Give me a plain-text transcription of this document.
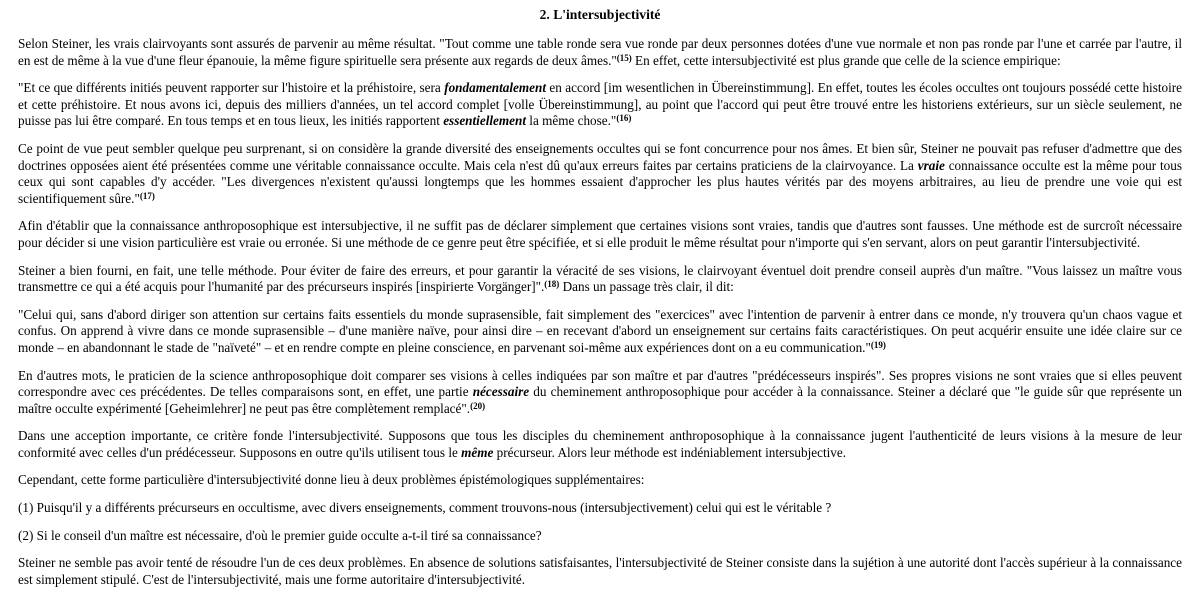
2. L'intersubjectivité

Selon Steiner, les vrais clairvoyants sont assurés de parvenir au même résultat. "Tout comme une table ronde sera vue ronde par deux personnes dotées d'une vue normale et non pas ronde par l'une et carrée par l'autre, il en est de même à la vue d'une fleur épanouie, la même figure spirituelle sera présente aux regards de deux âmes."$^{(15)}$ En effet, cette intersubjectivité est plus grande que celle de la science empirique:

"Et ce que différents initiés peuvent rapporter sur l'histoire et la préhistoire, sera fondamentalement en accord [im wesentlichen in Übereinstimmung]. En effet, toutes les écoles occultes ont toujours possédé cette histoire et cette préhistoire. Et nous avons ici, depuis des milliers d'années, un tel accord complet [volle Übereinstimmung], au point que l'accord qui peut être trouvé entre les historiens extérieurs, sur un siècle seulement, ne puisse pas lui être comparé. En tous temps et en tous lieux, les initiés rapportent essentiellement la même chose."$^{(16)}$

Ce point de vue peut sembler quelque peu surprenant, si on considère la grande diversité des enseignements occultes qui se font concurrence pour nos âmes. Et bien sûr, Steiner ne pouvait pas refuser d'admettre que des doctrines opposées aient été présentées comme une véritable connaissance occulte. Mais cela n'est dû qu'aux erreurs faites par certains praticiens de la clairvoyance. La vraie connaissance occulte est la même pour tous ceux qui sont capables d'y accéder. "Les divergences n'existent qu'aussi longtemps que les hommes essaient d'approcher les plus hautes vérités par des moyens arbitraires, au lieu de prendre une voie qui est scientifiquement sûre."$^{(17)}$

Afin d'établir que la connaissance anthroposophique est intersubjective, il ne suffit pas de déclarer simplement que certaines visions sont vraies, tandis que d'autres sont fausses. Une méthode est de surcroît nécessaire pour décider si une vision particulière est vraie ou erronée. Si une méthode de ce genre peut être spécifiée, et si elle produit le même résultat pour n'importe qui s'en servant, alors on peut garantir l'intersubjectivité.

Steiner a bien fourni, en fait, une telle méthode. Pour éviter de faire des erreurs, et pour garantir la véracité de ses visions, le clairvoyant éventuel doit prendre conseil auprès d'un maître. "Vous laissez un maître vous transmettre ce qui a été acquis pour l'humanité par des précurseurs inspirés [inspirierte Vorgänger]".$^{(18)}$ Dans un passage très clair, il dit:

"Celui qui, sans d'abord diriger son attention sur certains faits essentiels du monde suprasensible, fait simplement des "exercices" avec l'intention de parvenir à entrer dans ce monde, n'y trouvera qu'un chaos vague et confus. On apprend à vivre dans ce monde suprasensible – d'une manière naïve, pour ainsi dire – en recevant d'abord un enseignement sur certains faits caractéristiques. On peut acquérir ensuite une idée claire sur ce monde – en abandonnant le stade de "naïveté" – et en rendre compte en pleine conscience, en parvenant soi-même aux expériences dont on a eu communication."$^{(19)}$

En d'autres mots, le praticien de la science anthroposophique doit comparer ses visions à celles indiquées par son maître et par d'autres "prédécesseurs inspirés". Ses propres visions ne sont vraies que si elles peuvent correspondre avec ces précédentes. De telles comparaisons sont, en effet, une partie nécessaire du cheminement anthroposophique pour accéder à la connaissance. Steiner a déclaré que "le guide sûr que représente un maître occulte expérimenté [Geheimlehrer] ne peut pas être complètement remplacé".$^{(20)}$

Dans une acception importante, ce critère fonde l'intersubjectivité. Supposons que tous les disciples du cheminement anthroposophique à la connaissance jugent l'authenticité de leurs visions à la mesure de leur conformité avec celles d'un prédécesseur. Supposons en outre qu'ils utilisent tous le même précurseur. Alors leur méthode est indéniablement intersubjective.

Cependant, cette forme particulière d'intersubjectivité donne lieu à deux problèmes épistémologiques supplémentaires:

(1) Puisqu'il y a différents précurseurs en occultisme, avec divers enseignements, comment trouvons-nous (intersubjectivement) celui qui est le véritable ?

(2) Si le conseil d'un maître est nécessaire, d'où le premier guide occulte a-t-il tiré sa connaissance?

Steiner ne semble pas avoir tenté de résoudre l'un de ces deux problèmes. En absence de solutions satisfaisantes, l'intersubjectivité de Steiner consiste dans la sujétion à une autorité dont l'accès supérieur à la connaissance est simplement stipulé. C'est de l'intersubjectivité, mais une forme autoritaire d'intersubjectivité.
